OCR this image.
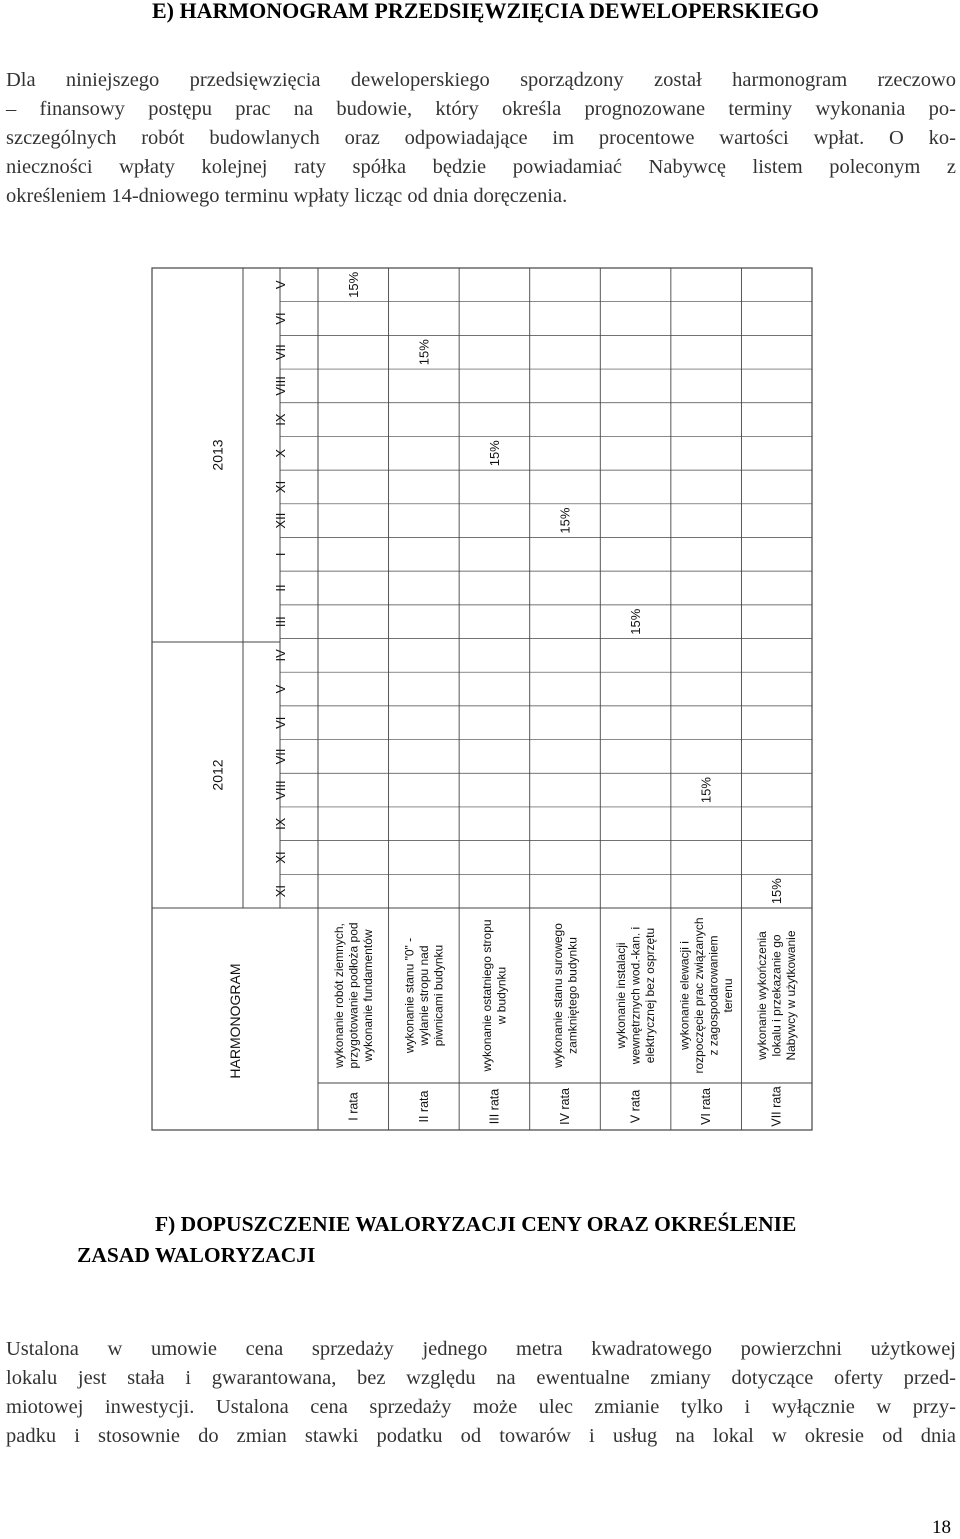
E) HARMONOGRAM PRZEDSIĘWZIĘCIA DEWELOPERSKIEGO
Dla niniejszego przedsięwzięcia deweloperskiego sporządzony został harmonogram rzeczowo
– finansowy postępu prac na budowie, który określa prognozowane terminy wykonania po-
szczególnych robót budowlanych oraz odpowiadające im procentowe wartości wpłat. O ko-
nieczności wpłaty kolejnej raty spółka będzie powiadamiać Nabywcę listem poleconym z
określeniem 14-dniowego terminu wpłaty licząc od dnia doręczenia.
V
VI
VII
VIII
IX
X
XI
XII
I
II
III
IV
V
VI
VII
VIII
IX
XI
XI
2012
2013
HARMONOGRAM
I rata
wykonanie robót ziemnych, przygotowanie podłoża pod wykonanie fundamentów
15%
II rata
wykonanie stanu "0" - wylanie stropu nad piwnicami budynku
15%
III rata
wykonanie ostatniego stropu w budynku
15%
IV rata
wykonanie stanu surowego zamkniętego budynku
15%
V rata
wykonanie instalacji wewnętrznych wod.-kan. i elektrycznej bez osprzętu
15%
VI rata
wykonanie elewacji i rozpoczęcie prac związanych z zagospodarowaniem terenu
15%
VII rata
wykonanie wykończenia lokalu i przekazanie go Nabywcy w użytkowanie
15%
F) DOPUSZCZENIE WALORYZACJI CENY ORAZ OKREŚLENIE
ZASAD WALORYZACJI
Ustalona w umowie cena sprzedaży jednego metra kwadratowego powierzchni użytkowej
lokalu jest stała i gwarantowana, bez względu na ewentualne zmiany dotyczące oferty przed-
miotowej inwestycji. Ustalona cena sprzedaży może ulec zmianie tylko i wyłącznie w przy-
padku i stosownie do zmian stawki podatku od towarów i usług na lokal w okresie od dnia
18
